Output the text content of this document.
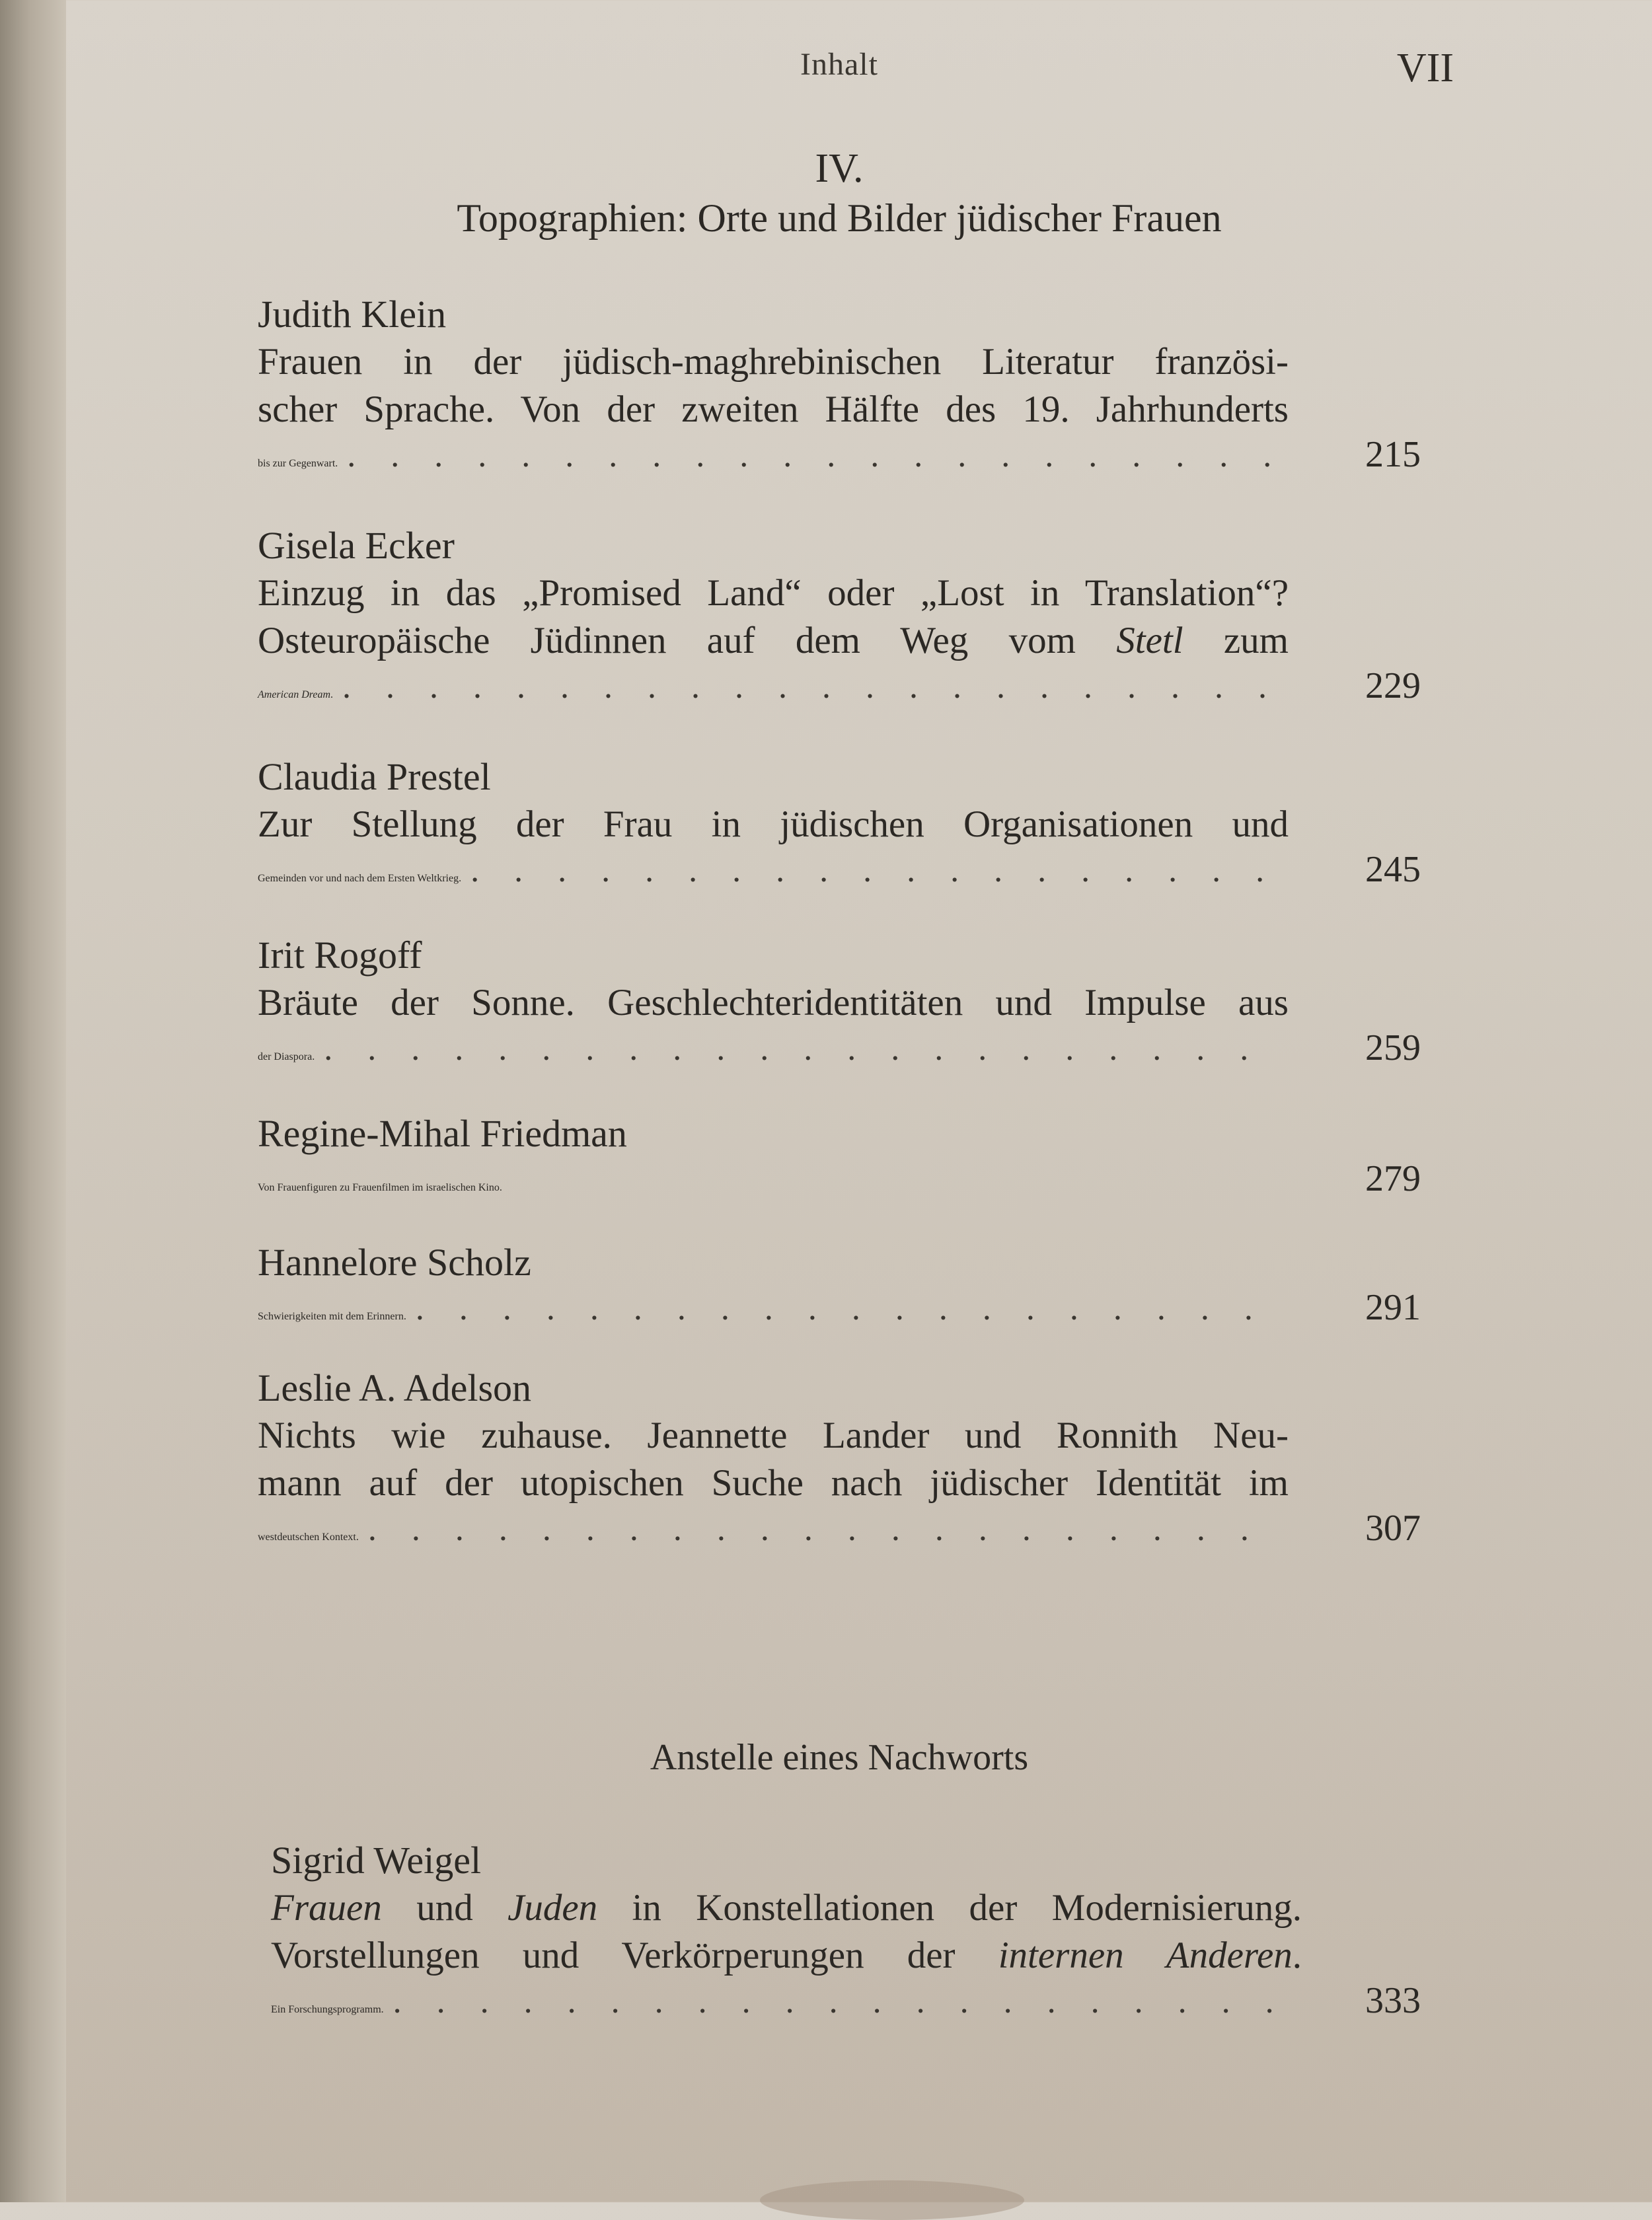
Inhalt	VII
IV.
Topographien: Orte und Bilder jüdischer Frauen
Judith Klein
Frauen in der jüdisch-maghrebinischen Literatur französi-
scher Sprache. Von der zweiten Hälfte des 19. Jahrhunderts
bis zur Gegenwart. . . .	215
Gisela Ecker
Einzug in das „Promised Land“ oder „Lost in Translation“?
Osteuropäische Jüdinnen auf dem Weg vom Stetl zum
American Dream. . . .	229
Claudia Prestel
Zur Stellung der Frau in jüdischen Organisationen und
Gemeinden vor und nach dem Ersten Weltkrieg. . . .	245
Irit Rogoff
Bräute der Sonne. Geschlechteridentitäten und Impulse aus
der Diaspora. . . .	259
Regine-Mihal Friedman
Von Frauenfiguren zu Frauenfilmen im israelischen Kino.	279
Hannelore Scholz
Schwierigkeiten mit dem Erinnern. . . .	291
Leslie A. Adelson
Nichts wie zuhause. Jeannette Lander und Ronnith Neu-
mann auf der utopischen Suche nach jüdischer Identität im
westdeutschen Kontext. . . .	307
Sigrid Weigel
Frauen und Juden in Konstellationen der Modernisierung.
Vorstellungen und Verkörperungen der internen Anderen.
Ein Forschungsprogramm. . . .	333
Anstelle eines Nachworts
